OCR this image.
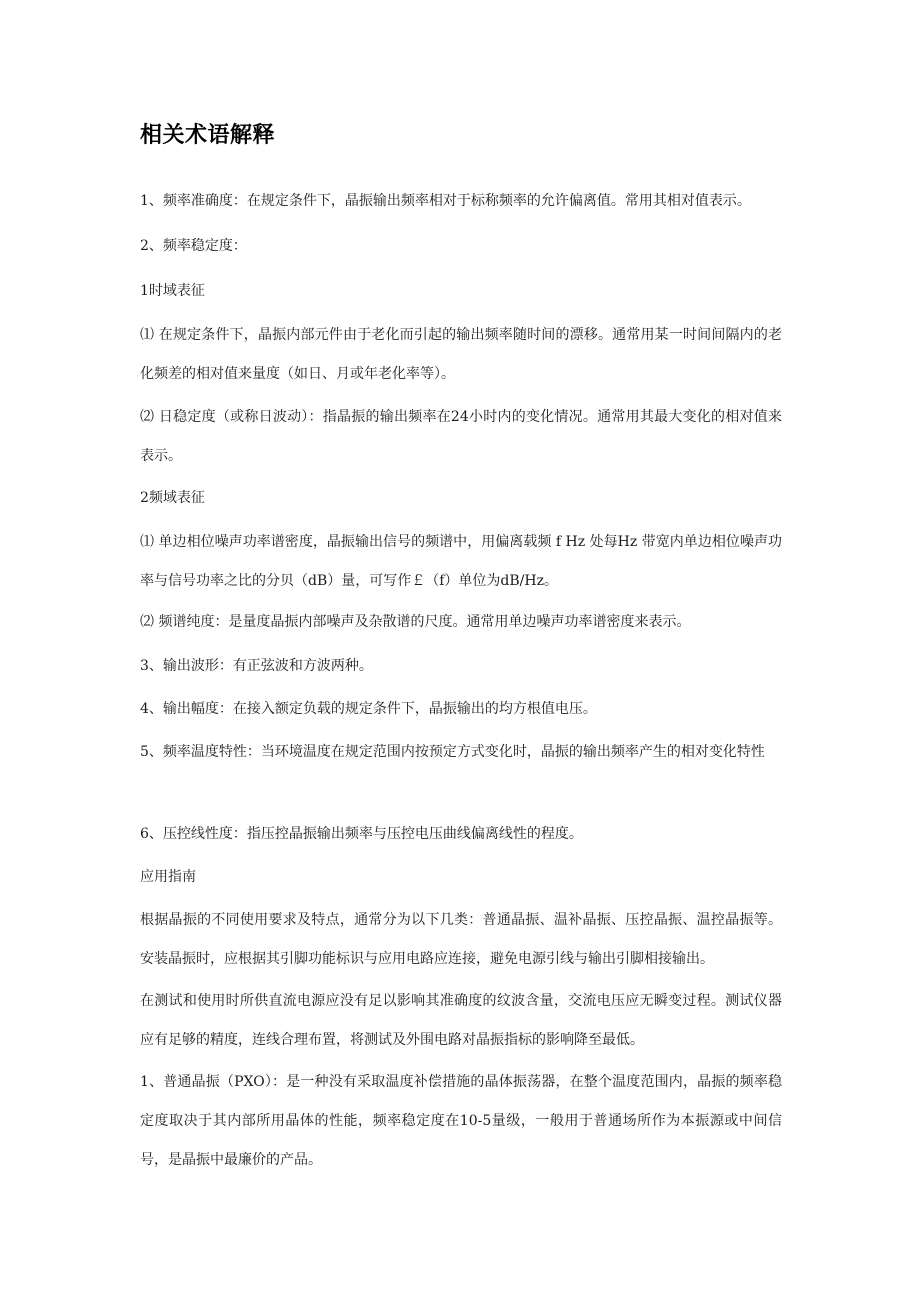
相关术语解释

1、频率准确度：在规定条件下，晶振输出频率相对于标称频率的允许偏离值。常用其相对值表示。

2、频率稳定度：

1时域表征

⑴ 在规定条件下，晶振内部元件由于老化而引起的输出频率随时间的漂移。通常用某一时间间隔内的老化频差的相对值来量度（如日、月或年老化率等）。

⑵ 日稳定度（或称日波动）：指晶振的输出频率在24小时内的变化情况。通常用其最大变化的相对值来表示。

2频域表征

⑴ 单边相位噪声功率谱密度，晶振输出信号的频谱中，用偏离载频 f Hz 处每Hz 带宽内单边相位噪声功率与信号功率之比的分贝（dB）量，可写作￡（f）单位为dB/Hz。

⑵ 频谱纯度：是量度晶振内部噪声及杂散谱的尺度。通常用单边噪声功率谱密度来表示。

3、输出波形：有正弦波和方波两种。

4、输出幅度：在接入额定负载的规定条件下，晶振输出的均方根值电压。

5、频率温度特性：当环境温度在规定范围内按预定方式变化时，晶振的输出频率产生的相对变化特性

6、压控线性度：指压控晶振输出频率与压控电压曲线偏离线性的程度。

应用指南

根据晶振的不同使用要求及特点，通常分为以下几类：普通晶振、温补晶振、压控晶振、温控晶振等。安装晶振时，应根据其引脚功能标识与应用电路应连接，避免电源引线与输出引脚相接输出。

在测试和使用时所供直流电源应没有足以影响其准确度的纹波含量，交流电压应无瞬变过程。测试仪器应有足够的精度，连线合理布置，将测试及外围电路对晶振指标的影响降至最低。

1、普通晶振（PXO）：是一种没有采取温度补偿措施的晶体振荡器，在整个温度范围内，晶振的频率稳定度取决于其内部所用晶体的性能，频率稳定度在10-5量级，一般用于普通场所作为本振源或中间信号，是晶振中最廉价的产品。
